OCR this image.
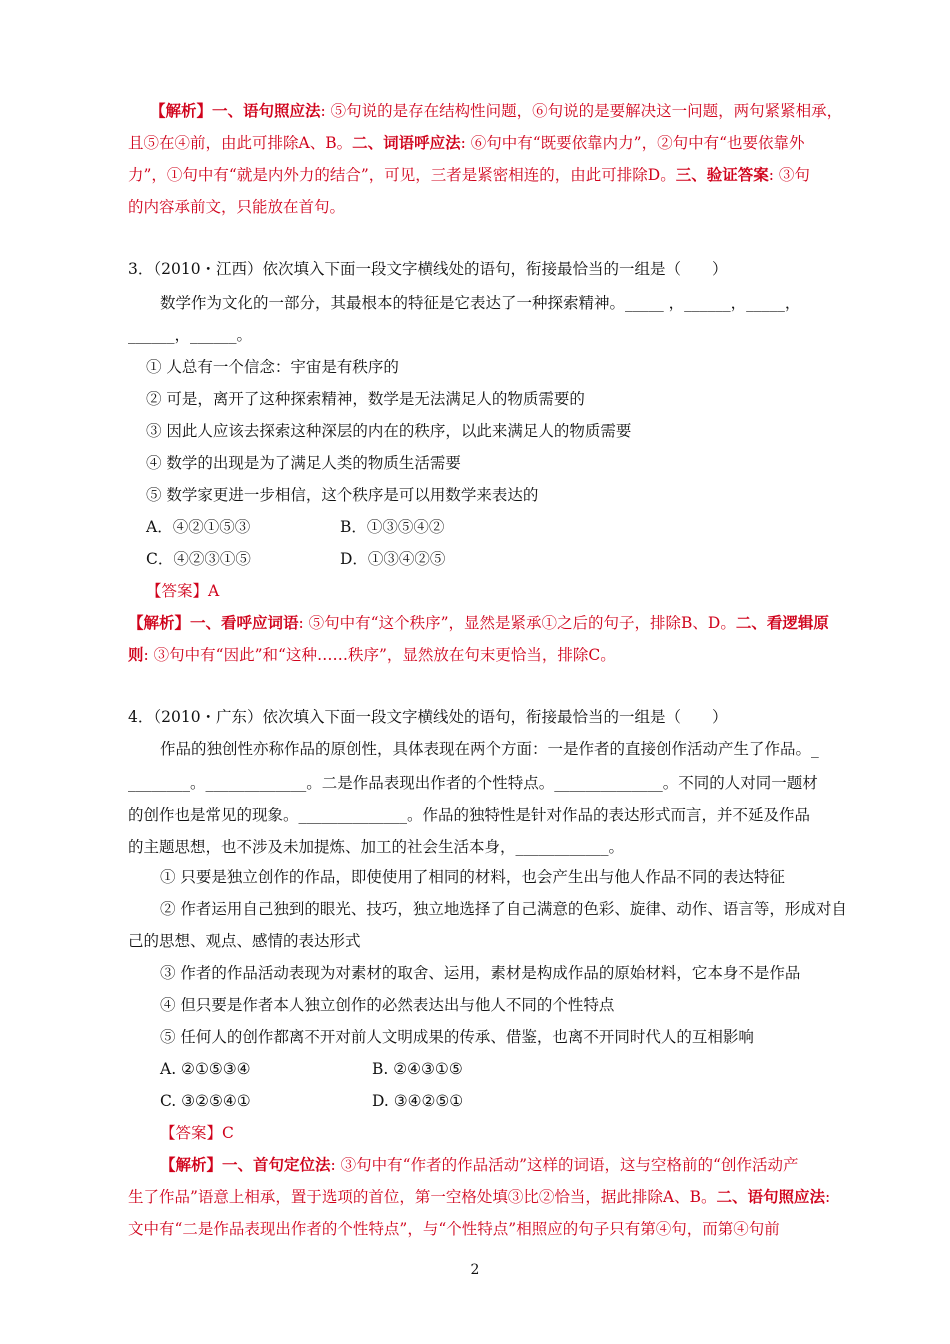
【解析】一、语句照应法: ⑤句说的是存在结构性问题，⑥句说的是要解决这一问题，两句紧紧相承，
且⑤在④前，由此可排除A、B。二、词语呼应法: ⑥句中有“既要依靠内力”，②句中有“也要依靠外
力”，①句中有“就是内外力的结合”，可见，三者是紧密相连的，由此可排除D。三、验证答案: ③句
的内容承前文，只能放在首句。
3．（2010・江西）依次填入下面一段文字横线处的语句，衔接最恰当的一组是（　　）
数学作为文化的一部分，其最根本的特征是它表达了一种探索精神。_____ ，______，_____，
______，______。
① 人总有一个信念：宇宙是有秩序的
② 可是，离开了这种探索精神，数学是无法满足人的物质需要的
③ 因此人应该去探索这种深层的内在的秩序，以此来满足人的物质需要
④ 数学的出现是为了满足人类的物质生活需要
⑤ 数学家更进一步相信，这个秩序是可以用数学来表达的
A．④②①⑤③	B．①③⑤④②
C．④②③①⑤	D．①③④②⑤
【答案】A
【解析】一、看呼应词语: ⑤句中有“这个秩序”，显然是紧承①之后的句子，排除B、D。二、看逻辑原
则: ③句中有“因此”和“这种……秩序”，显然放在句末更恰当，排除C。
4．（2010・广东）依次填入下面一段文字横线处的语句，衔接最恰当的一组是（　　）
作品的独创性亦称作品的原创性，具体表现在两个方面：一是作者的直接创作活动产生了作品。_
________。_____________。二是作品表现出作者的个性特点。______________。不同的人对同一题材
的创作也是常见的现象。______________。作品的独特性是针对作品的表达形式而言，并不延及作品
的主题思想，也不涉及未加提炼、加工的社会生活本身，____________。
① 只要是独立创作的作品，即使使用了相同的材料，也会产生出与他人作品不同的表达特征
② 作者运用自己独到的眼光、技巧，独立地选择了自己满意的色彩、旋律、动作、语言等，形成对自
己的思想、观点、感情的表达形式
③ 作者的作品活动表现为对素材的取舍、运用，素材是构成作品的原始材料，它本身不是作品
④ 但只要是作者本人独立创作的必然表达出与他人不同的个性特点
⑤ 任何人的创作都离不开对前人文明成果的传承、借鉴，也离不开同时代人的互相影响
A. ②①⑤③④	B. ②④③①⑤
C. ③②⑤④①	D. ③④②⑤①
【答案】C
【解析】一、首句定位法: ③句中有“作者的作品活动”这样的词语，这与空格前的“创作活动产
生了作品”语意上相承，置于选项的首位，第一空格处填③比②恰当，据此排除A、B。二、语句照应法:
文中有“二是作品表现出作者的个性特点”，与“个性特点”相照应的句子只有第④句，而第④句前
2
